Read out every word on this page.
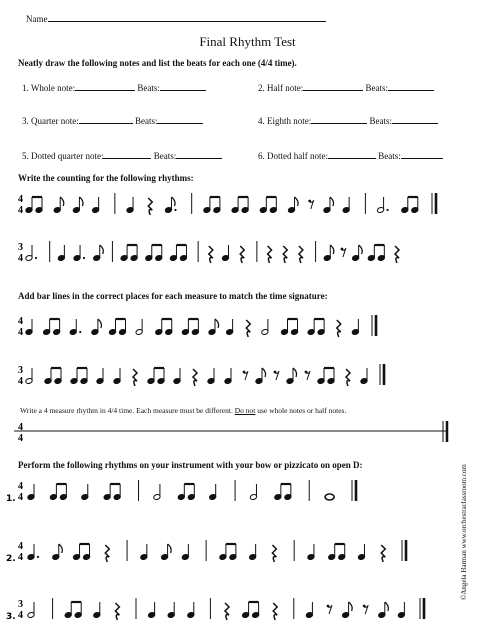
Name
Final Rhythm Test
Neatly draw the following notes and list the beats for each one (4/4 time).
1. Whole note:	Beats:	2. Half note:	Beats:
3. Quarter note:	Beats:	4. Eighth note:	Beats:
5. Dotted quarter note:	Beats:	6. Dotted half note:	Beats:
Write the counting for the following rhythms:
4
4
3
4
Add bar lines in the correct places for each measure to match the time signature:
4
4
3
4
Write a 4 measure rhythm in 4/4 time. Each measure must be different. Do not use whole notes or half notes.
4
4
Perform the following rhythms on your instrument with your bow or pizzicato on open D:
1.
4
4
2.
4
4
3.
3
4
©Angela Harman www.orchestraclassroom.com
